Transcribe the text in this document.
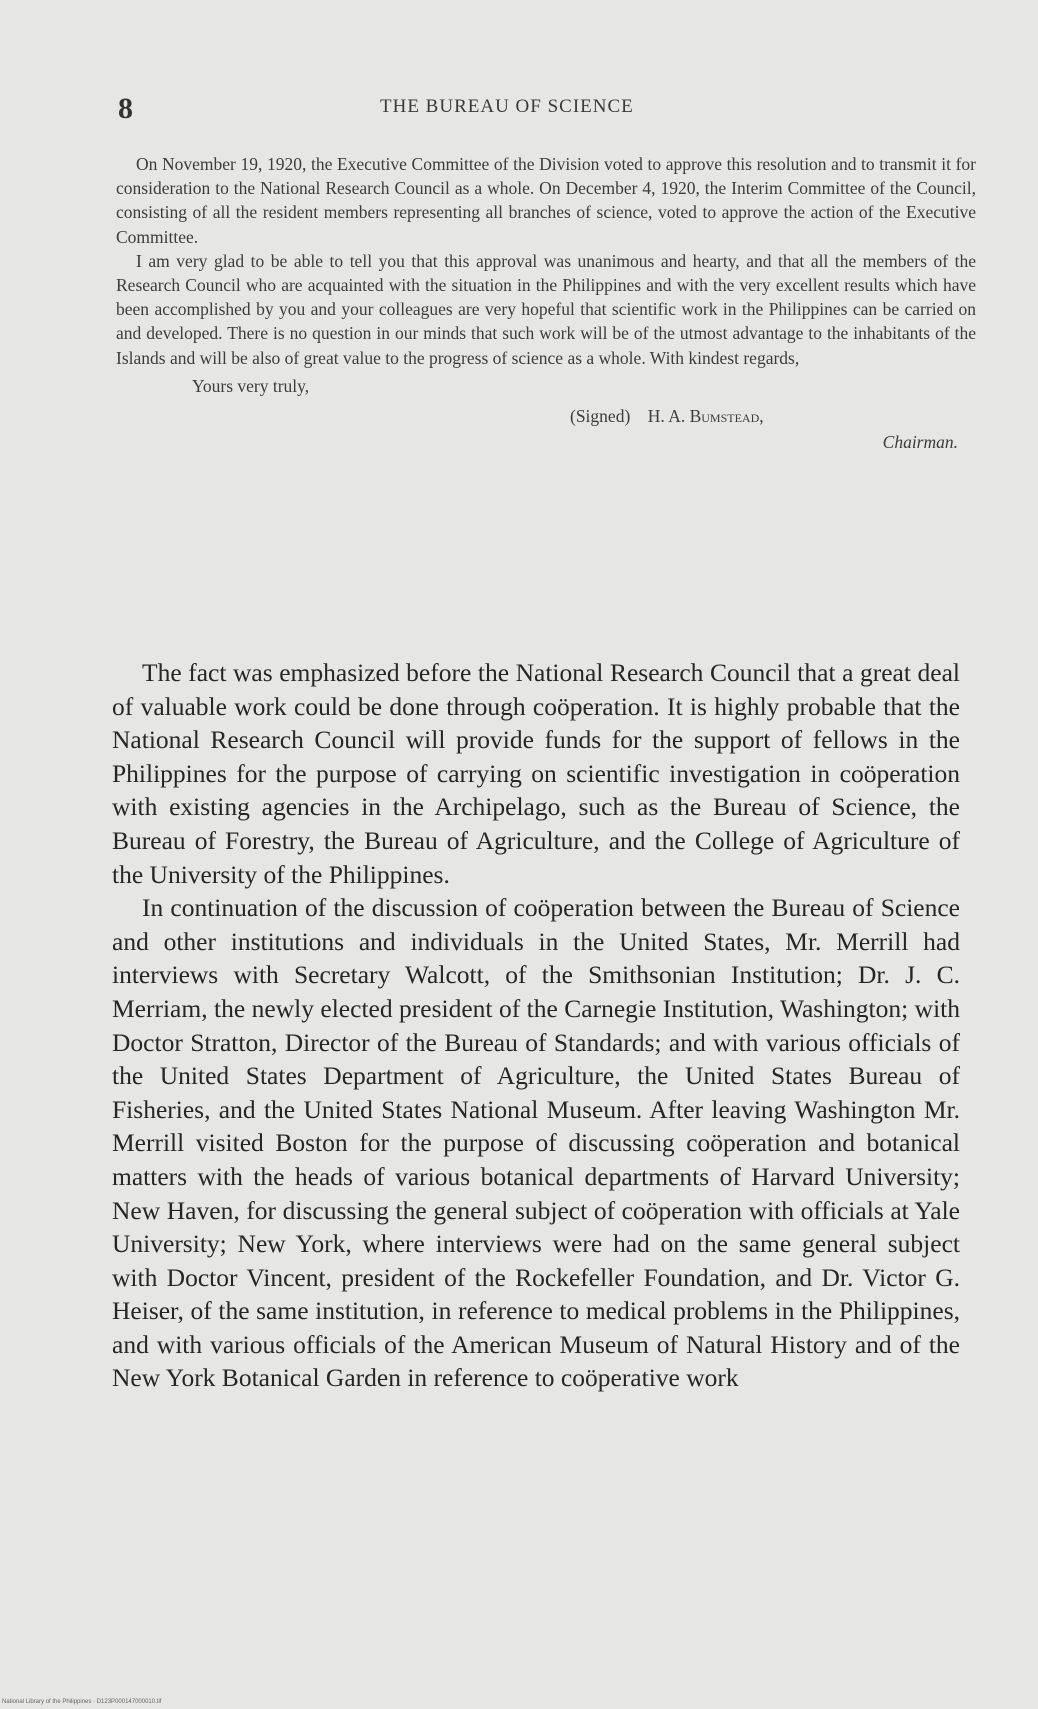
8	THE BUREAU OF SCIENCE

On November 19, 1920, the Executive Committee of the Division voted to approve this resolution and to transmit it for consideration to the National Research Council as a whole. On December 4, 1920, the Interim Committee of the Council, consisting of all the resident members representing all branches of science, voted to approve the action of the Executive Committee.

I am very glad to be able to tell you that this approval was unanimous and hearty, and that all the members of the Research Council who are acquainted with the situation in the Philippines and with the very excellent results which have been accomplished by you and your colleagues are very hopeful that scientific work in the Philippines can be carried on and developed. There is no question in our minds that such work will be of the utmost advantage to the inhabitants of the Islands and will be also of great value to the progress of science as a whole. With kindest regards,

Yours very truly,
(Signed) H. A. Bumstead,
Chairman.

The fact was emphasized before the National Research Council that a great deal of valuable work could be done through coöperation. It is highly probable that the National Research Council will provide funds for the support of fellows in the Philippines for the purpose of carrying on scientific investigation in coöperation with existing agencies in the Archipelago, such as the Bureau of Science, the Bureau of Forestry, the Bureau of Agriculture, and the College of Agriculture of the University of the Philippines.

In continuation of the discussion of coöperation between the Bureau of Science and other institutions and individuals in the United States, Mr. Merrill had interviews with Secretary Walcott, of the Smithsonian Institution; Dr. J. C. Merriam, the newly elected president of the Carnegie Institution, Washington; with Doctor Stratton, Director of the Bureau of Standards; and with various officials of the United States Department of Agriculture, the United States Bureau of Fisheries, and the United States National Museum. After leaving Washington Mr. Merrill visited Boston for the purpose of discussing coöperation and botanical matters with the heads of various botanical departments of Harvard University; New Haven, for discussing the general subject of coöperation with officials at Yale University; New York, where interviews were had on the same general subject with Doctor Vincent, president of the Rockefeller Foundation, and Dr. Victor G. Heiser, of the same institution, in reference to medical problems in the Philippines, and with various officials of the American Museum of Natural History and of the New York Botanical Garden in reference to coöperative work

National Library of the Philippines · D123P000147000010.tif
